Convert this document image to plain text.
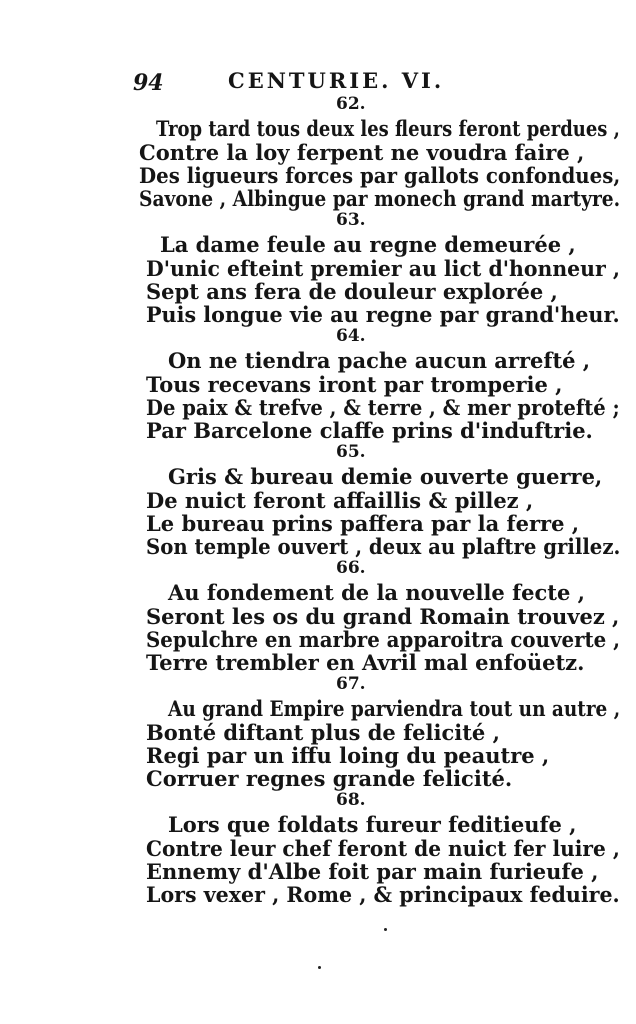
94	CENTURIE. VI.
62.
Trop tard tous deux les fleurs feront perdues ,
Contre la loy ferpent ne voudra faire ,
Des ligueurs forces par gallots confondues,
Savone , Albingue par monech grand martyre.
63.
La dame feule au regne demeurée ,
D'unic efteint premier au lict d'honneur ,
Sept ans fera de douleur explorée ,
Puis longue vie au regne par grand'heur.
64.
On ne tiendra pache aucun arrefté ,
Tous recevans iront par tromperie ,
De paix & trefve , & terre , & mer protefté ;
Par Barcelone claffe prins d'induftrie.
65.
Gris & bureau demie ouverte guerre,
De nuict feront affaillis & pillez ,
Le bureau prins paffera par la ferre ,
Son temple ouvert , deux au plaftre grillez.
66.
Au fondement de la nouvelle fecte ,
Seront les os du grand Romain trouvez ,
Sepulchre en marbre apparoitra couverte ,
Terre trembler en Avril mal enfoüetz.
67.
Au grand Empire parviendra tout un autre ,
Bonté diftant plus de felicité ,
Regi par un iffu loing du peautre ,
Corruer regnes grande felicité.
68.
Lors que foldats fureur feditieufe ,
Contre leur chef feront de nuict fer luire ,
Ennemy d'Albe foit par main furieufe ,
Lors vexer , Rome , & principaux feduire.
